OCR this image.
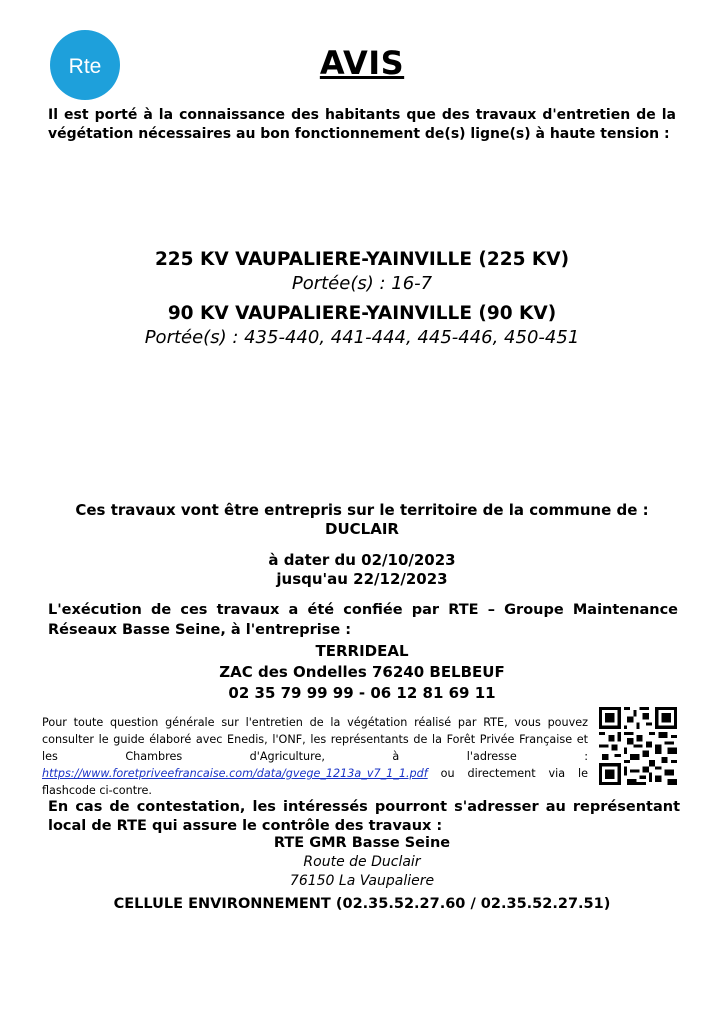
Rte	AVIS
Il est porté à la connaissance des habitants que des travaux d'entretien de la végétation nécessaires au bon fonctionnement de(s) ligne(s) à haute tension :
225 KV VAUPALIERE-YAINVILLE (225 KV)
Portée(s) : 16-7
90 KV VAUPALIERE-YAINVILLE (90 KV)
Portée(s) : 435-440, 441-444, 445-446, 450-451
Ces travaux vont être entrepris sur le territoire de la commune de :
DUCLAIR
à dater du 02/10/2023
jusqu'au 22/12/2023
L'exécution de ces travaux a été confiée par RTE – Groupe Maintenance Réseaux Basse Seine, à l'entreprise :
TERRIDEAL
ZAC des Ondelles 76240 BELBEUF
02 35 79 99 99 - 06 12 81 69 11
Pour toute question générale sur l'entretien de la végétation réalisé par RTE, vous pouvez consulter le guide élaboré avec Enedis, l'ONF, les représentants de la Forêt Privée Française et les Chambres d'Agriculture, à l'adresse : https://www.foretpriveefrancaise.com/data/gvege_1213a_v7_1_1.pdf ou directement via le flashcode ci-contre.
En cas de contestation, les intéressés pourront s'adresser au représentant local de RTE qui assure le contrôle des travaux :
RTE GMR Basse Seine
Route de Duclair
76150 La Vaupaliere
CELLULE ENVIRONNEMENT (02.35.52.27.60 / 02.35.52.27.51)
